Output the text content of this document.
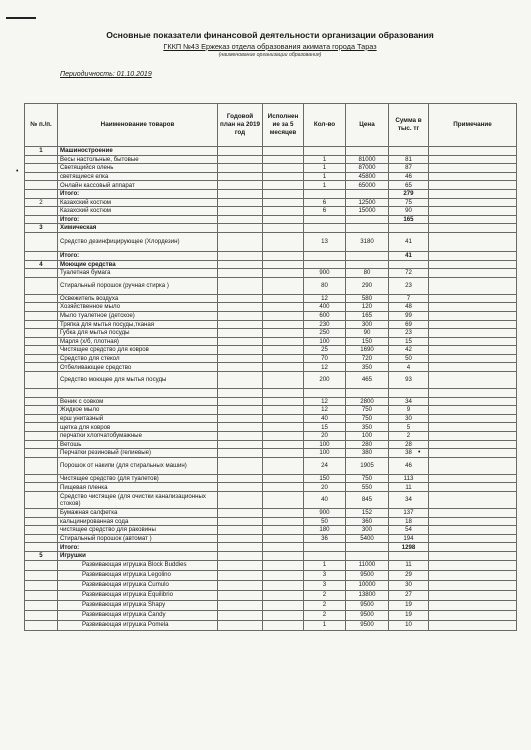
Основные показатели финансовой деятельности организации образования
ГККП №43 Ержеказ отдела образования акимата города Тараз
(наименование организации образования)
Периодичность: 01.10.2019
•
•
№ п./п.	Наименование товаров	Годовой план на 2019 год	Исполнен ие за 5 месяцев	Кол-во	Цена	Сумма в тыс. тг	Примечание
1	Машиностроение						
	Весы настольные, бытовые			1	81000	81	
	Светящийся олень			1	87000	87	
	светящиеся елка			1	45800	46	
	Онлайн кассовый аппарат			1	65000	65	
	Итого:					279	
2	Казахский костюм			6	12500	75	
	Казахский костюм			6	15000	90	
	Итого:					165	
3	Химическая						
	Средство дезинфицирующее (Хлордезин)			13	3180	41	
	Итого:					41	
4	Моющие средства						
	Туалетная бумага			900	80	72	
	Стиральный порошок (ручная стирка )			80	290	23	
	Освежитель воздуха			12	580	7	
	Хозяйственное мыло			400	120	48	
	Мыло туалетное (детское)			600	165	99	
	Тряпка для мытья посуды,тканая			230	300	69	
	Губка для мытья посуды			250	90	23	
	Марля (х/б, плотная)			100	150	15	
	Чистящее средство для ковров			25	1690	42	
	Средство для стекол			70	720	50	
	Отбеливающее средство			12	350	4	
	Средство моющее для мытья посуды			200	465	93	

	Веник с совком			12	2800	34	
	Жидкое мыло			12	750	9	
	ерш унитазный			40	750	30	
	щетка для ковров			15	350	5	
	перчатки хлопчатобумажные			20	100	2	
	Ветошь			100	280	28	
	Перчатки резиновый (гелиевые)			100	380	38	
	Порошок от накипи (для стиральных машин)			24	1905	46	
	Чистящее средство (для туалетов)			150	750	113	
	Пищевая пленка			20	550	11	
	Средство чистящее (для очистки канализационных стоков)			40	845	34	
	Бумажная салфетка			900	152	137	
	кальцинированная сода			50	360	18	
	чистящее средство для раковины			180	300	54	
	Стиральный порошок (автомат )			36	5400	194	
	Итого:					1298	
5	Игрушки						
	Развивающая игрушка Block Buddies			1	11000	11	
	Развивающая игрушка Legolino			3	9500	29	
	Развивающая игрушка Cumulo			3	10000	30	
	Развивающая игрушка Equilibrio			2	13800	27	
	Развивающая игрушка Shapy			2	9500	19	
	Развивающая игрушка Candy			2	9500	19	
	Развивающая игрушка Pomela			1	9500	10	
